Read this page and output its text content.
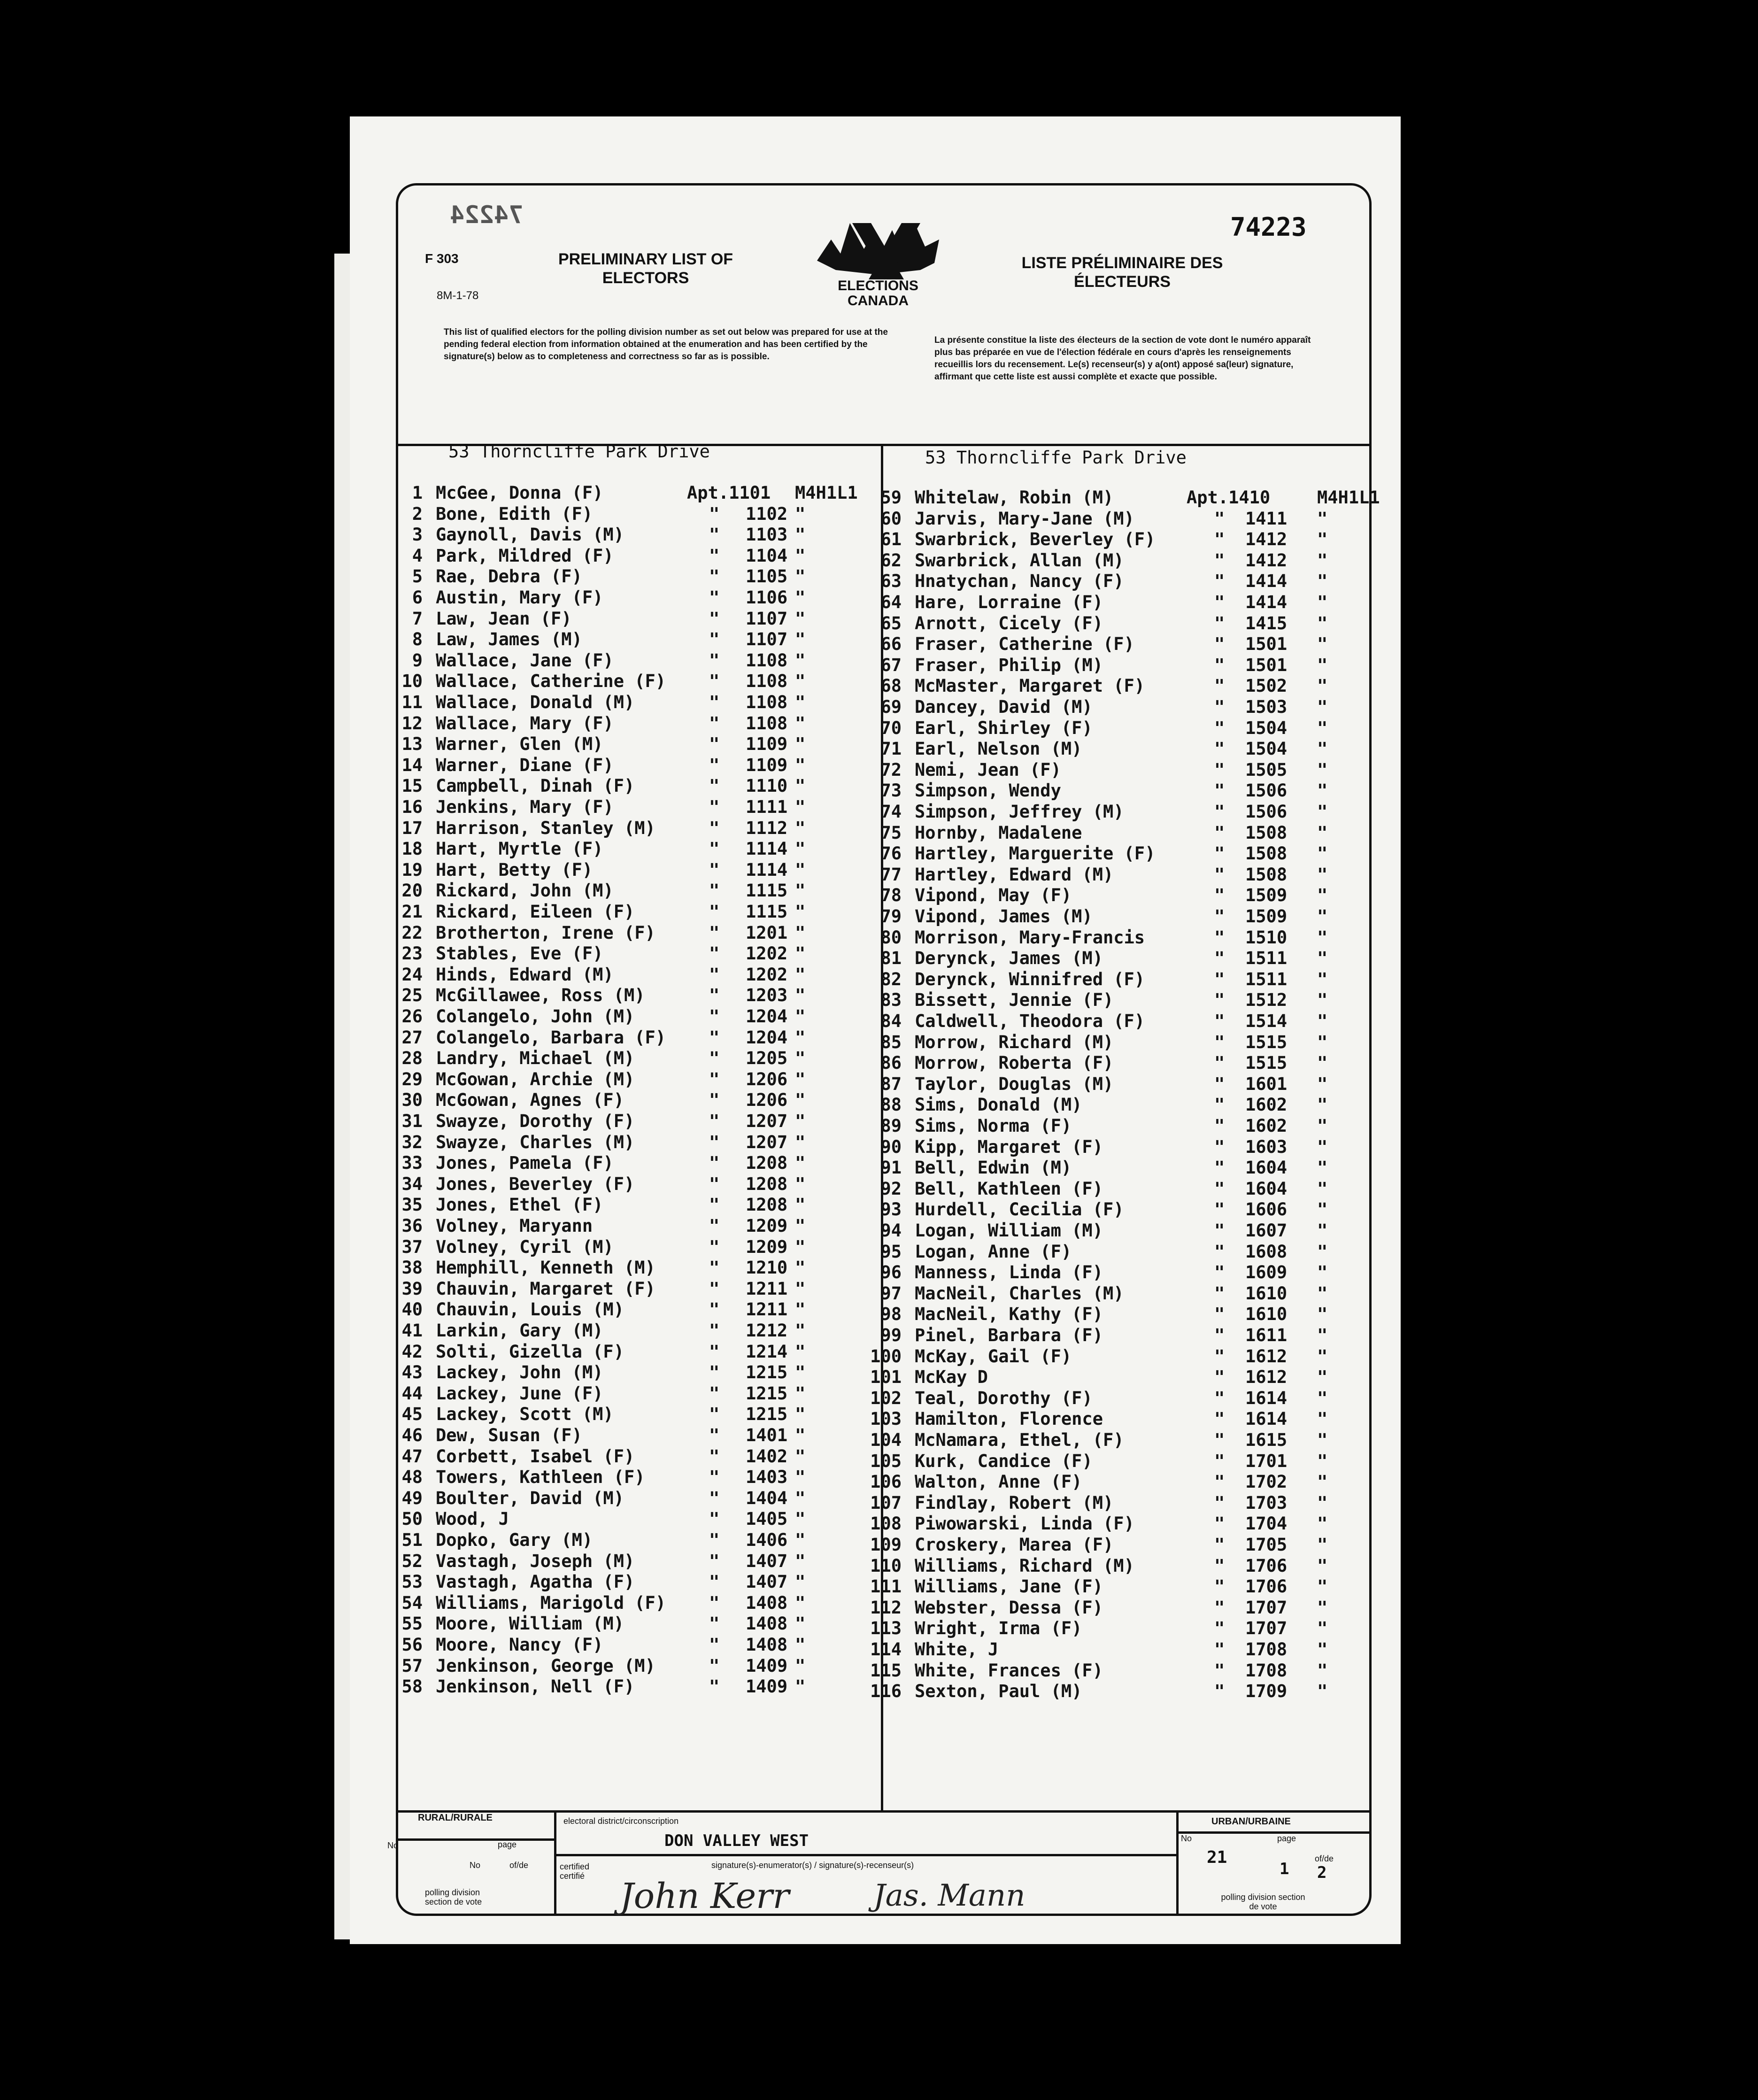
74224	74223
F 303
8M-1-78
PRELIMINARY LIST OF ELECTORS
LISTE PRÉLIMINAIRE DES ÉLECTEURS
ELECTIONS CANADA
This list of qualified electors for the polling division number as set out below was prepared for use at the pending federal election from information obtained at the enumeration and has been certified by the signature(s) below as to completeness and correctness so far as is possible.
La présente constitue la liste des électeurs de la section de vote dont le numéro apparaît plus bas préparée en vue de l'élection fédérale en cours d'après les renseignements recueillis lors du recensement. Le(s) recenseur(s) y a(ont) apposé sa(leur) signature, affirmant que cette liste est aussi complète et exacte que possible.
53 Thorncliffe Park Drive	53 Thorncliffe Park Drive
1 McGee, Donna (F)	Apt.1101 M4H1L1
2 Bone, Edith (F)	" 1102 "
3 Gaynoll, Davis (M)	" 1103 "
4 Park, Mildred (F)	" 1104 "
5 Rae, Debra (F)	" 1105 "
6 Austin, Mary (F)	" 1106 "
7 Law, Jean (F)	" 1107 "
8 Law, James (M)	" 1107 "
9 Wallace, Jane (F)	" 1108 "
10 Wallace, Catherine (F) " 1108 "
11 Wallace, Donald (M)	" 1108 "
12 Wallace, Mary (F)	" 1108 "
13 Warner, Glen (M)	" 1109 "
14 Warner, Diane (F)	" 1109 "
15 Campbell, Dinah (F)	" 1110 "
16 Jenkins, Mary (F)	" 1111 "
17 Harrison, Stanley (M)	" 1112 "
18 Hart, Myrtle (F)	" 1114 "
19 Hart, Betty (F)	" 1114 "
20 Rickard, John (M)	" 1115 "
21 Rickard, Eileen (F)	" 1115 "
22 Brotherton, Irene (F)	" 1201 "
23 Stables, Eve (F)	" 1202 "
24 Hinds, Edward (M)	" 1202 "
25 McGillawee, Ross (M)	" 1203 "
26 Colangelo, John (M)	" 1204 "
27 Colangelo, Barbara (F) " 1204 "
28 Landry, Michael (M)	" 1205 "
29 McGowan, Archie (M)	" 1206 "
30 McGowan, Agnes (F)	" 1206 "
31 Swayze, Dorothy (F)	" 1207 "
32 Swayze, Charles (M)	" 1207 "
33 Jones, Pamela (F)	" 1208 "
34 Jones, Beverley (F)	" 1208 "
35 Jones, Ethel (F)	" 1208 "
36 Volney, Maryann	" 1209 "
37 Volney, Cyril (M)	" 1209 "
38 Hemphill, Kenneth (M)	" 1210 "
39 Chauvin, Margaret (F)	" 1211 "
40 Chauvin, Louis (M)	" 1211 "
41 Larkin, Gary (M)	" 1212 "
42 Solti, Gizella (F)	" 1214 "
43 Lackey, John (M)	" 1215 "
44 Lackey, June (F)	" 1215 "
45 Lackey, Scott (M)	" 1215 "
46 Dew, Susan (F)	" 1401 "
47 Corbett, Isabel (F)	" 1402 "
48 Towers, Kathleen (F)	" 1403 "
49 Boulter, David (M)	" 1404 "
50 Wood, J	" 1405 "
51 Dopko, Gary (M)	" 1406 "
52 Vastagh, Joseph (M)	" 1407 "
53 Vastagh, Agatha (F)	" 1407 "
54 Williams, Marigold (F) " 1408 "
55 Moore, William (M)	" 1408 "
56 Moore, Nancy (F)	" 1408 "
57 Jenkinson, George (M)	" 1409 "
58 Jenkinson, Nell (F)	" 1409 "
59 Whitelaw, Robin (M)	Apt.1410	M4H1L1
60 Jarvis, Mary-Jane (M)	" 1411 "
61 Swarbrick, Beverley (F)	" 1412 "
62 Swarbrick, Allan (M)	" 1412 "
63 Hnatychan, Nancy (F)	" 1414 "
64 Hare, Lorraine (F)	" 1414 "
65 Arnott, Cicely (F)	" 1415 "
66 Fraser, Catherine (F)	" 1501 "
67 Fraser, Philip (M)	" 1501 "
68 McMaster, Margaret (F)	" 1502 "
69 Dancey, David (M)	" 1503 "
70 Earl, Shirley (F)	" 1504 "
71 Earl, Nelson (M)	" 1504 "
72 Nemi, Jean (F)	" 1505 "
73 Simpson, Wendy	" 1506 "
74 Simpson, Jeffrey (M)	" 1506 "
75 Hornby, Madalene	" 1508 "
76 Hartley, Marguerite (F)	" 1508 "
77 Hartley, Edward (M)	" 1508 "
78 Vipond, May (F)	" 1509 "
79 Vipond, James (M)	" 1509 "
80 Morrison, Mary-Francis	" 1510 "
81 Derynck, James (M)	" 1511 "
82 Derynck, Winnifred (F)	" 1511 "
83 Bissett, Jennie (F)	" 1512 "
84 Caldwell, Theodora (F)	" 1514 "
85 Morrow, Richard (M)	" 1515 "
86 Morrow, Roberta (F)	" 1515 "
87 Taylor, Douglas (M)	" 1601 "
88 Sims, Donald (M)	" 1602 "
89 Sims, Norma (F)	" 1602 "
90 Kipp, Margaret (F)	" 1603 "
91 Bell, Edwin (M)	" 1604 "
92 Bell, Kathleen (F)	" 1604 "
93 Hurdell, Cecilia (F)	" 1606 "
94 Logan, William (M)	" 1607 "
95 Logan, Anne (F)	" 1608 "
96 Manness, Linda (F)	" 1609 "
97 MacNeil, Charles (M)	" 1610 "
98 MacNeil, Kathy (F)	" 1610 "
99 Pinel, Barbara (F)	" 1611 "
100 McKay, Gail (F)	" 1612 "
101 McKay D	" 1612 "
102 Teal, Dorothy (F)	" 1614 "
103 Hamilton, Florence	" 1614 "
104 McNamara, Ethel, (F)	" 1615 "
105 Kurk, Candice (F)	" 1701 "
106 Walton, Anne (F)	" 1702 "
107 Findlay, Robert (M)	" 1703 "
108 Piwowarski, Linda (F)	" 1704 "
109 Croskery, Marea (F)	" 1705 "
110 Williams, Richard (M)	" 1706 "
111 Williams, Jane (F)	" 1706 "
112 Webster, Dessa (F)	" 1707 "
113 Wright, Irma (F)	" 1707 "
114 White, J	" 1708 "
115 White, Frances (F)	" 1708 "
116 Sexton, Paul (M)	" 1709 "
RURAL/RURALE
No	page
No	of/de
polling division section de vote
electoral district/circonscription
DON VALLEY WEST
certified certifié
signature(s)-enumerator(s) / signature(s)-recenseur(s)
John Kerr	Jas. Mann
URBAN/URBAINE
No	page
21
1
of/de
2
polling division section de vote
